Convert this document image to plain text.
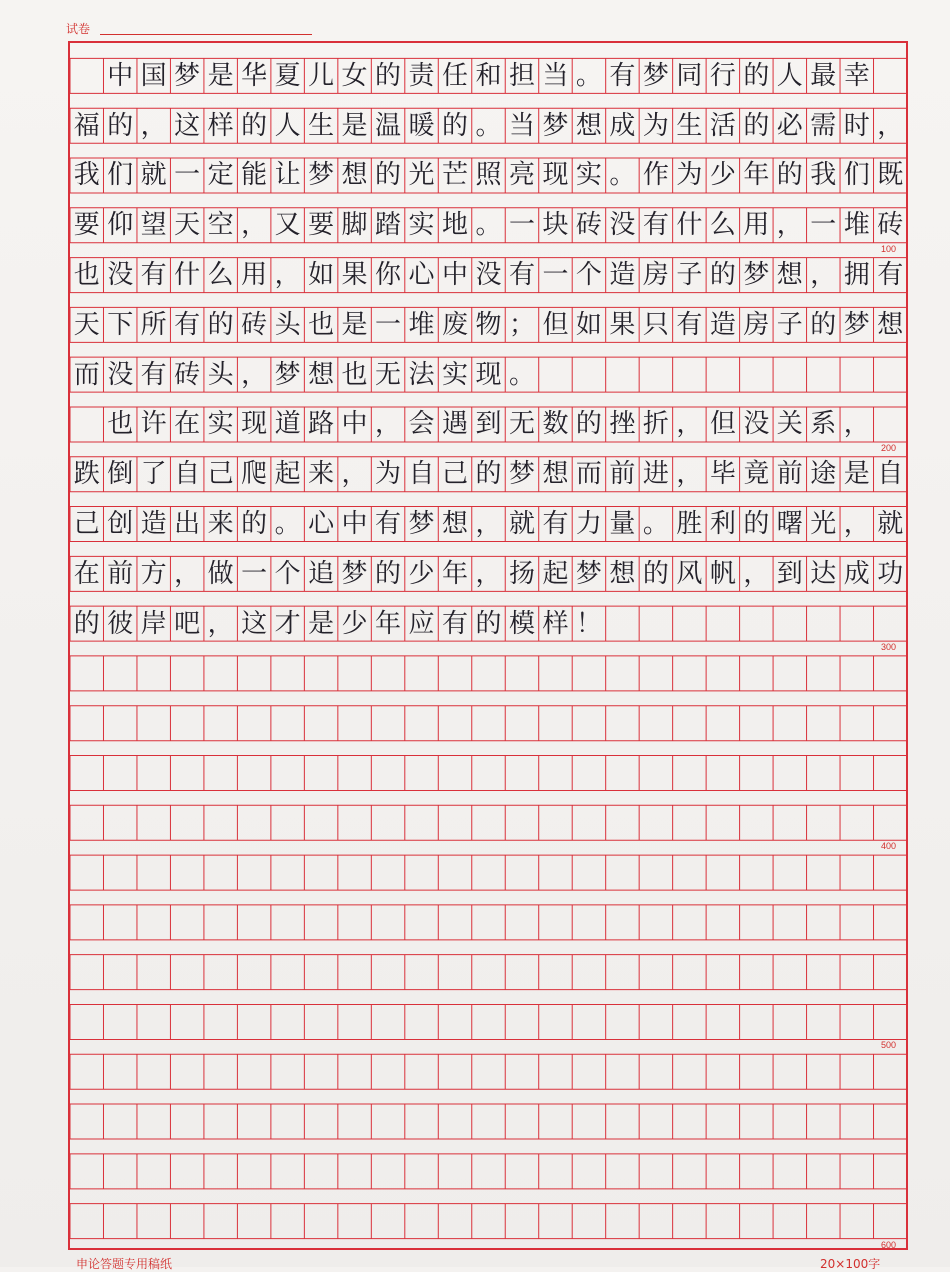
试卷
中 国 梦 是 华 夏 儿 女 的 责 任 和 担 当 。 有 梦 同 行 的 人 最 幸
福 的 ， 这 样 的 人 生 是 温 暖 的 。 当 梦 想 成 为 生 活 的 必 需 时 ，
我 们 就 一 定 能 让 梦 想 的 光 芒 照 亮 现 实 。 作 为 少 年 的 我 们 既
要 仰 望 天 空 ， 又 要 脚 踏 实 地 。 一 块 砖 没 有 什 么 用 ， 一 堆 砖
也 没 有 什 么 用 ， 如 果 你 心 中 没 有 一 个 造 房 子 的 梦 想 ， 拥 有
天 下 所 有 的 砖 头 也 是 一 堆 废 物 ； 但 如 果 只 有 造 房 子 的 梦 想
而 没 有 砖 头 ， 梦 想 也 无 法 实 现 。
也 许 在 实 现 道 路 中 ， 会 遇 到 无 数 的 挫 折 ， 但 没 关 系 ，
跌 倒 了 自 己 爬 起 来 ， 为 自 己 的 梦 想 而 前 进 ， 毕 竟 前 途 是 自
己 创 造 出 来 的 。 心 中 有 梦 想 ， 就 有 力 量 。 胜 利 的 曙 光 ， 就
在 前 方 ， 做 一 个 追 梦 的 少 年 ， 扬 起 梦 想 的 风 帆 ， 到 达 成 功
的 彼 岸 吧 ， 这 才 是 少 年 应 有 的 模 样 ！
100
200
300
400
500
600
申论答题专用稿纸	20×100字
